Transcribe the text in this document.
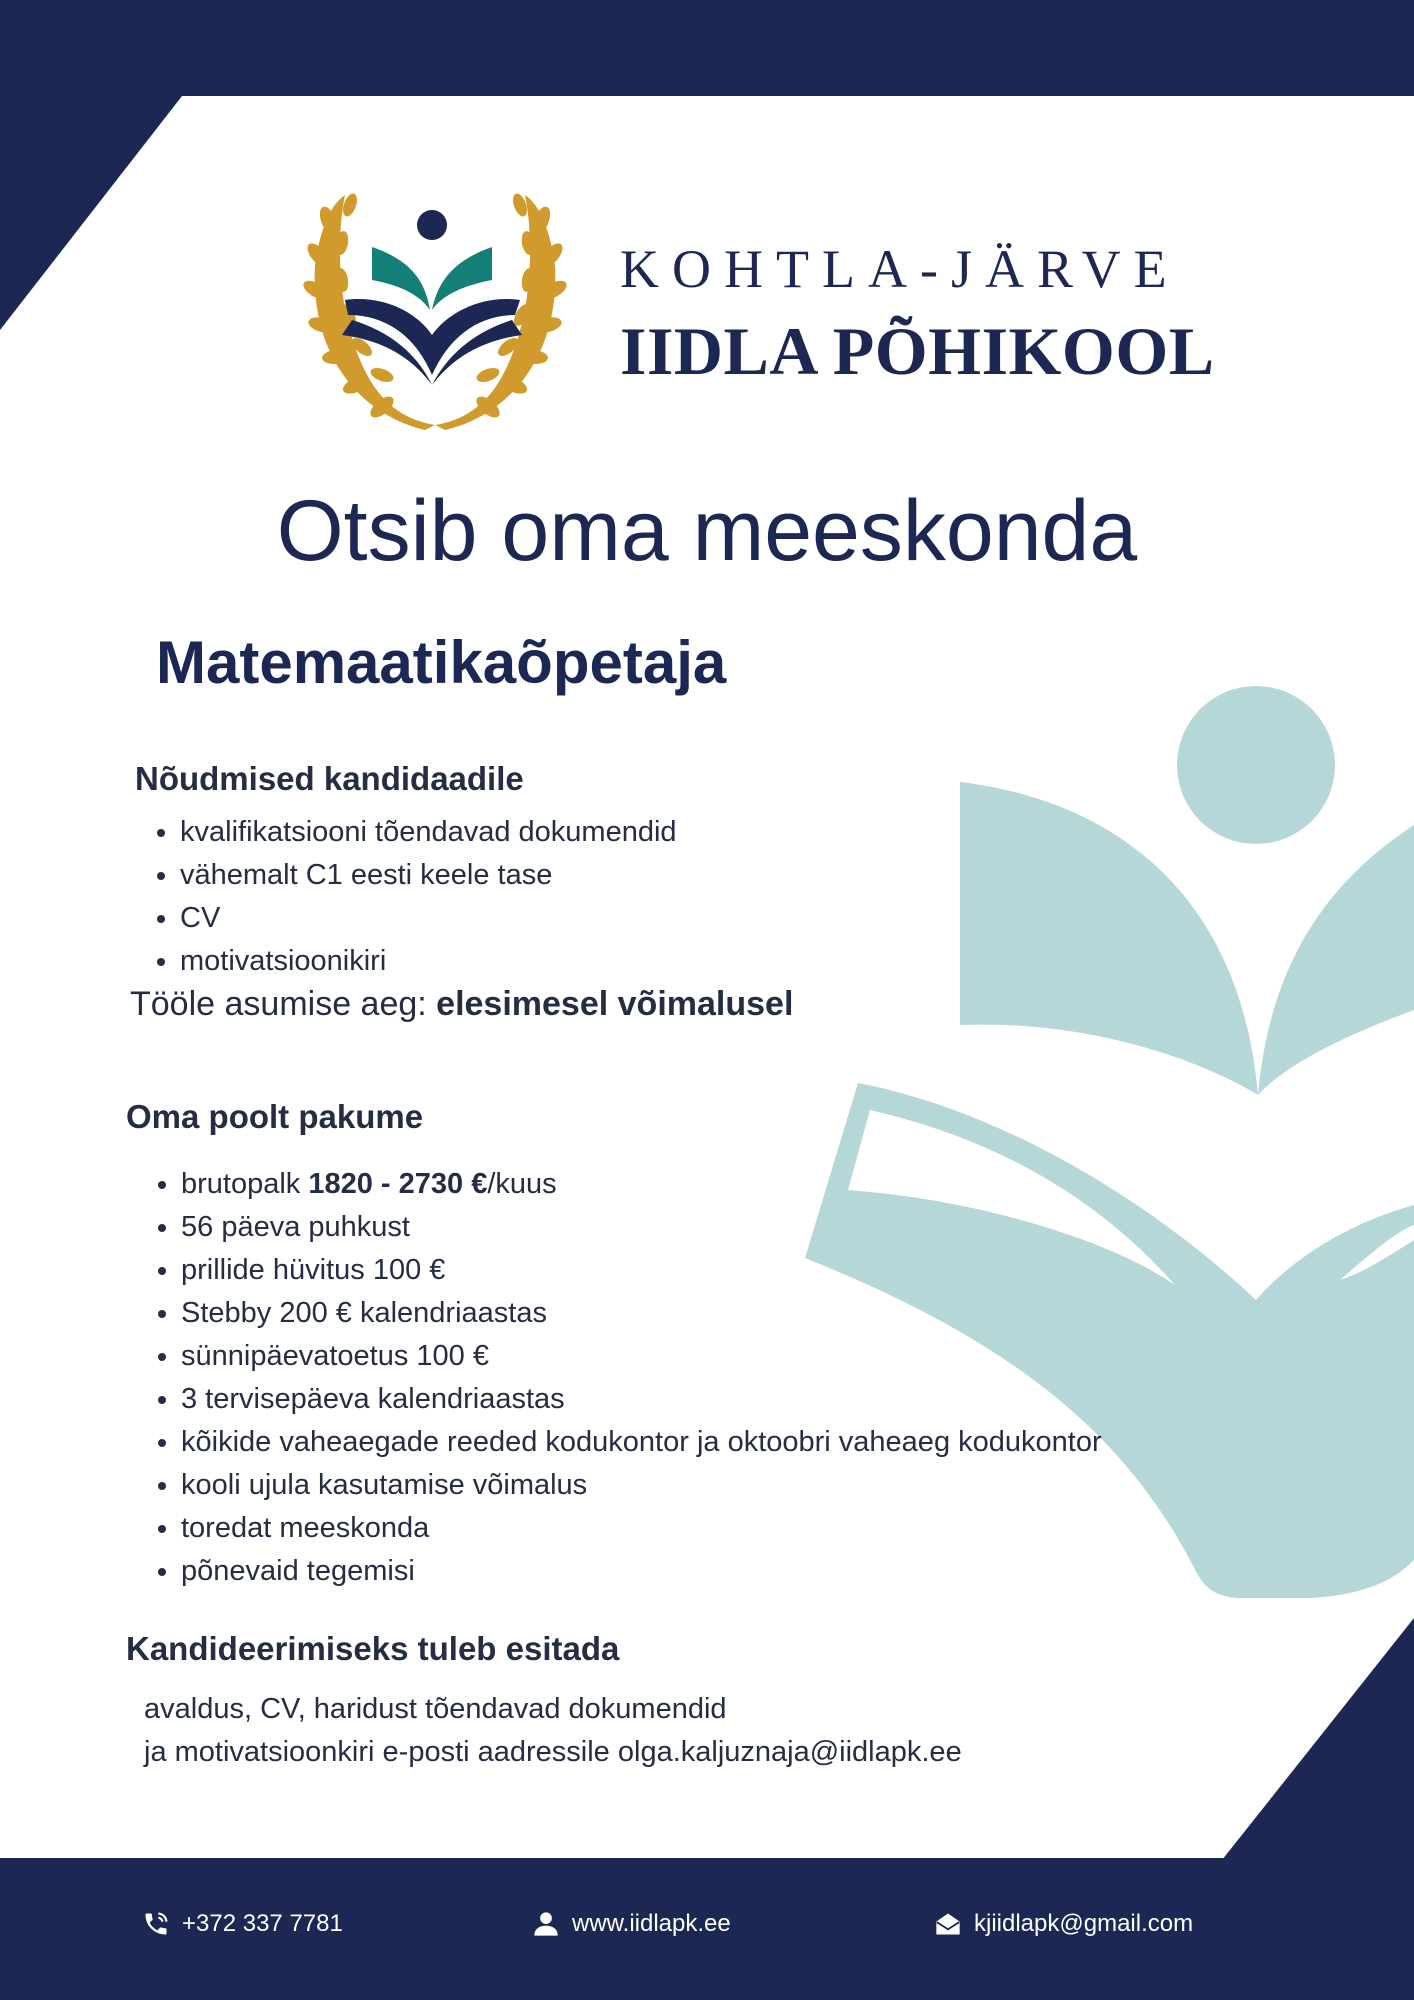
KOHTLA-JÄRVE
IIDLA PÕHIKOOL
Otsib oma meeskonda
Matemaatikaõpetaja
Nõudmised kandidaadile
• kvalifikatsiooni tõendavad dokumendid
• vähemalt C1 eesti keele tase
• CV
• motivatsioonikiri
Tööle asumise aeg: elesimesel võimalusel
Oma poolt pakume
• brutopalk 1820 - 2730 €/kuus
• 56 päeva puhkust
• prillide hüvitus 100 €
• Stebby 200 € kalendriaastas
• sünnipäevatoetus 100 €
• 3 tervisepäeva kalendriaastas
• kõikide vaheaegade reeded kodukontor ja oktoobri vaheaeg kodukontor
• kooli ujula kasutamise võimalus
• toredat meeskonda
• põnevaid tegemisi
Kandideerimiseks tuleb esitada
avaldus, CV, haridust tõendavad dokumendid
ja motivatsioonkiri e-posti aadressile olga.kaljuznaja@iidlapk.ee
+372 337 7781	www.iidlapk.ee	kjiidlapk@gmail.com
